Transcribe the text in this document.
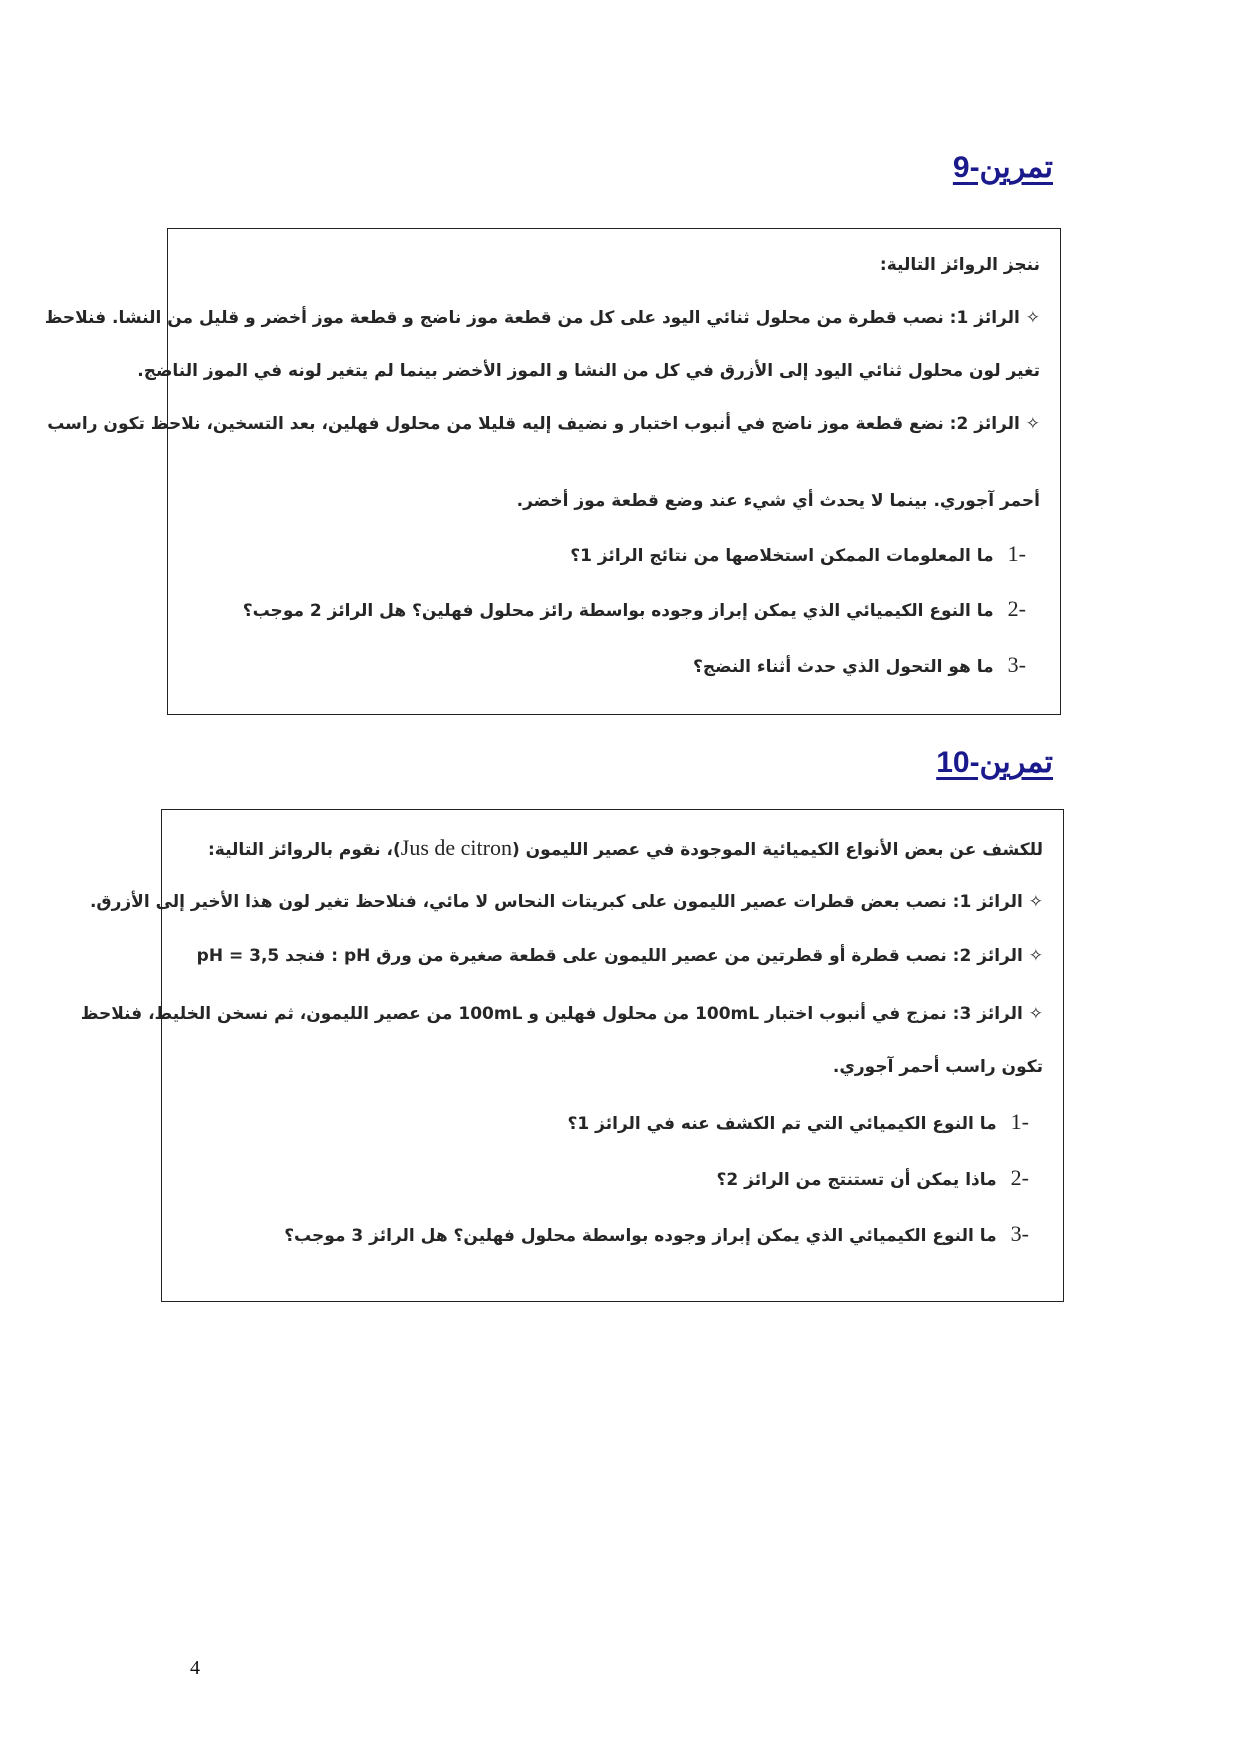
تمرين-9
ننجز الروائز التالية:
✧ الرائز 1: نصب قطرة من محلول ثنائي اليود على كل من قطعة موز ناضج و قطعة موز أخضر و قليل من النشا. فنلاحظ
تغير لون محلول ثنائي اليود إلى الأزرق في كل من النشا و الموز الأخضر بينما لم يتغير لونه في الموز الناضج.
✧ الرائز 2: نضع قطعة موز ناضج في أنبوب اختبار و نضيف إليه قليلا من محلول فهلين، بعد التسخين، نلاحظ تكون راسب
أحمر آجوري. بينما لا يحدث أي شيء عند وضع قطعة موز أخضر.
-1ما المعلومات الممكن استخلاصها من نتائج الرائز 1؟
-2ما النوع الكيميائي الذي يمكن إبراز وجوده بواسطة رائز محلول فهلين؟ هل الرائز 2 موجب؟
-3ما هو التحول الذي حدث أثناء النضج؟
تمرين-10
للكشف عن بعض الأنواع الكيميائية الموجودة في عصير الليمون (Jus de citron)، نقوم بالروائز التالية:
✧ الرائز 1: نصب بعض قطرات عصير الليمون على كبريتات النحاس لا مائي، فنلاحظ تغير لون هذا الأخير إلى الأزرق.
✧ الرائز 2: نصب قطرة أو قطرتين من عصير الليمون على قطعة صغيرة من ورق pH : فنجد pH = 3,5
✧ الرائز 3: نمزج في أنبوب اختبار 100mL من محلول فهلين و 100mL من عصير الليمون، ثم نسخن الخليط، فنلاحظ
تكون راسب أحمر آجوري.
-1ما النوع الكيميائي التي تم الكشف عنه في الرائز 1؟
-2ماذا يمكن أن تستنتج من الرائز 2؟
-3ما النوع الكيميائي الذي يمكن إبراز وجوده بواسطة محلول فهلين؟ هل الرائز 3 موجب؟
4
